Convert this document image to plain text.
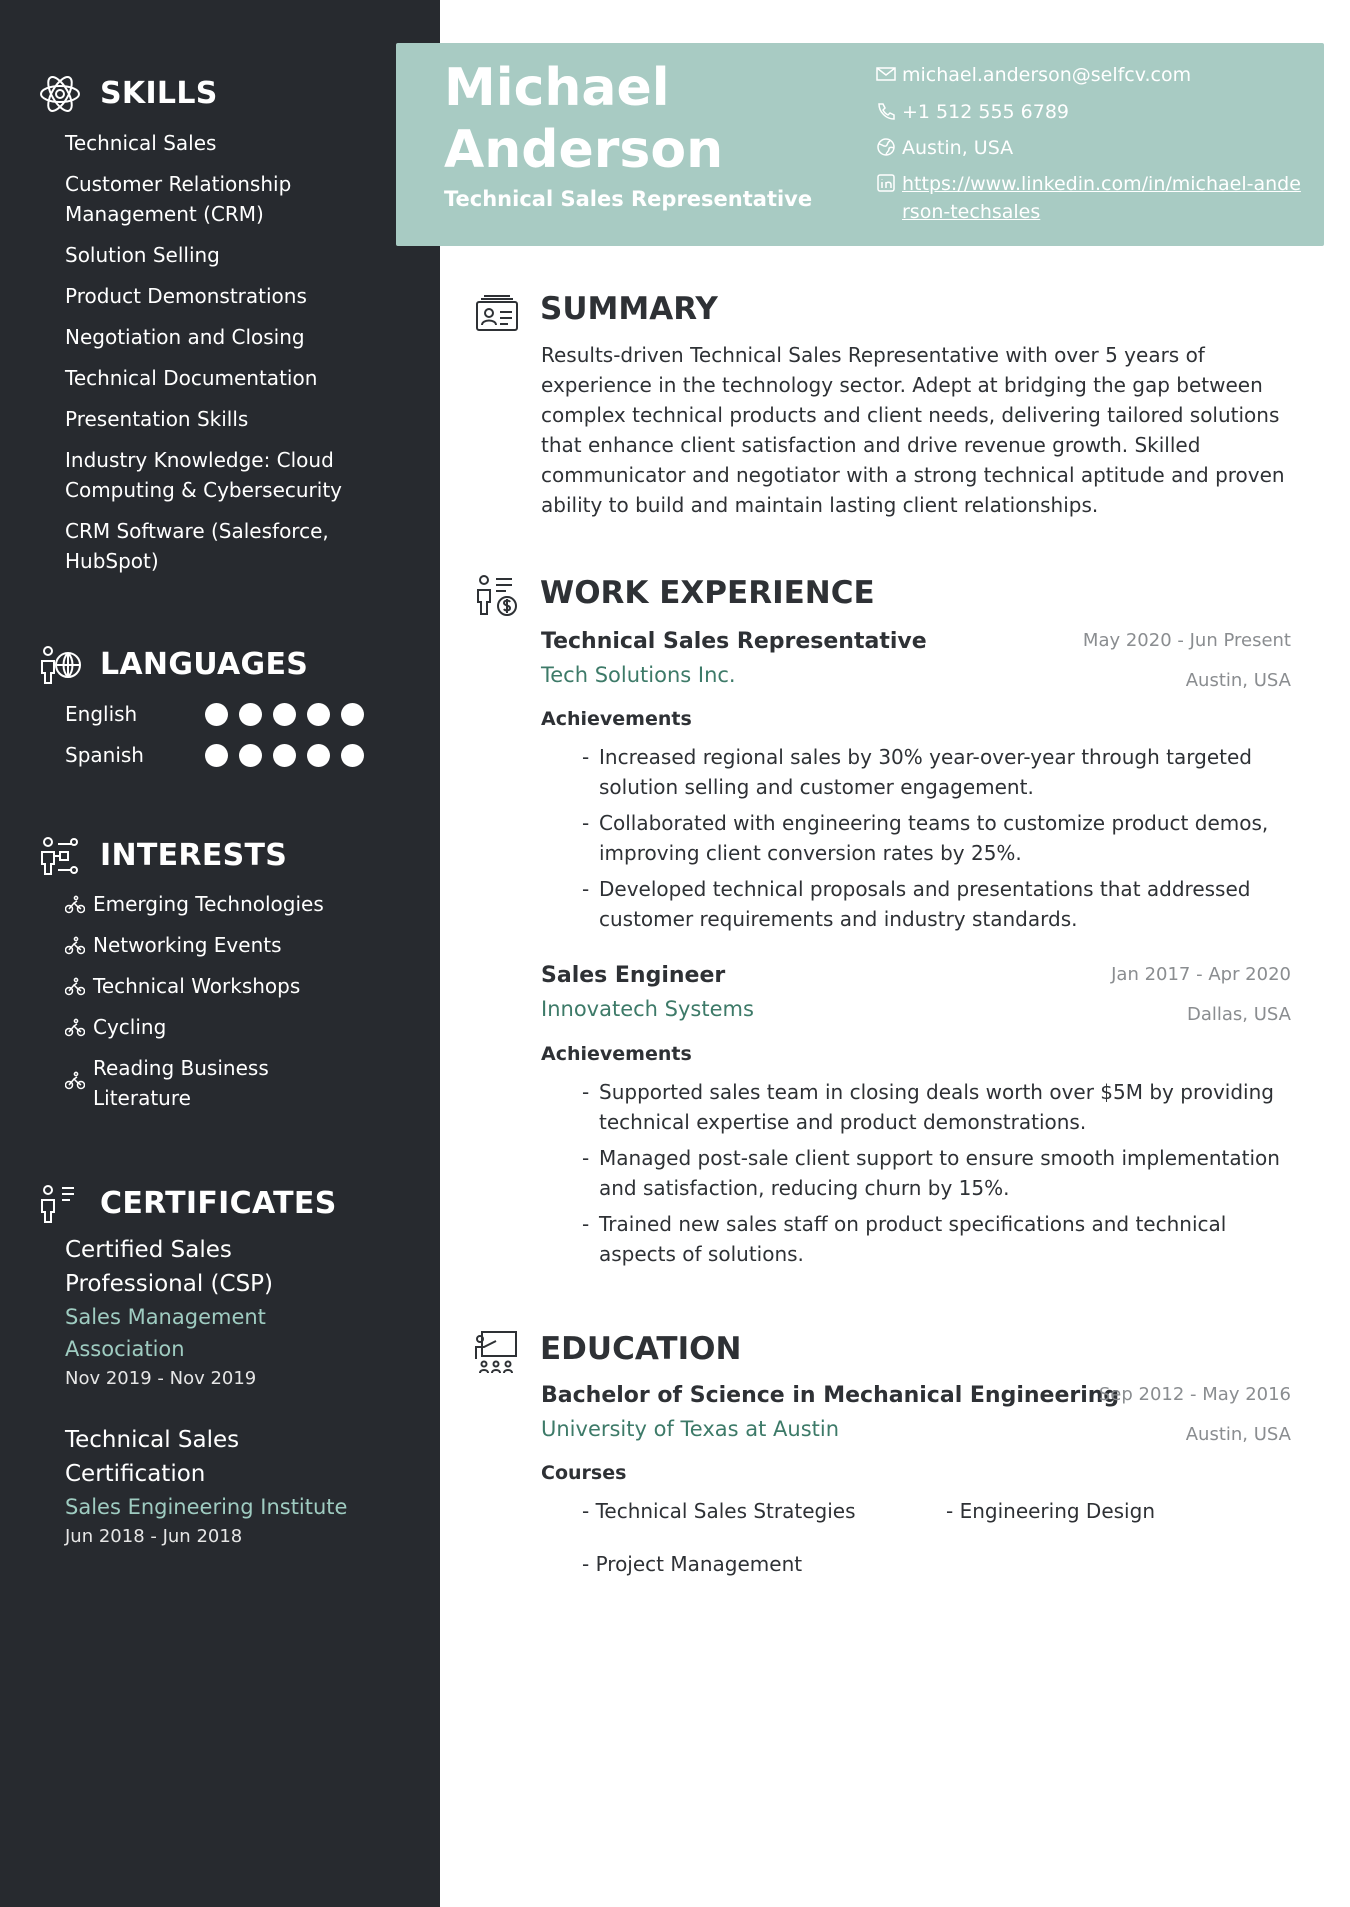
SKILLS
Technical Sales
Customer Relationship Management (CRM)
Solution Selling
Product Demonstrations
Negotiation and Closing
Technical Documentation
Presentation Skills
Industry Knowledge: Cloud Computing & Cybersecurity
CRM Software (Salesforce, HubSpot)
LANGUAGES
English
Spanish
INTERESTS
Emerging Technologies
Networking Events
Technical Workshops
Cycling
Reading Business Literature
CERTIFICATES
Certified Sales Professional (CSP)
Sales Management Association
Nov 2019 - Nov 2019
Technical Sales Certification
Sales Engineering Institute
Jun 2018 - Jun 2018
Michael Anderson
Technical Sales Representative
michael.anderson@selfcv.com
+1 512 555 6789
Austin, USA
https://www.linkedin.com/in/michael-anderson-techsales
SUMMARY

Results-driven Technical Sales Representative with over 5 years of experience in the technology sector. Adept at bridging the gap between complex technical products and client needs, delivering tailored solutions that enhance client satisfaction and drive revenue growth. Skilled communicator and negotiator with a strong technical aptitude and proven ability to build and maintain lasting client relationships.

WORK EXPERIENCE
Technical Sales Representative	May 2020 - Jun Present
Tech Solutions Inc.	Austin, USA
Achievements
- Increased regional sales by 30% year-over-year through targeted solution selling and customer engagement.
- Collaborated with engineering teams to customize product demos, improving client conversion rates by 25%.
- Developed technical proposals and presentations that addressed customer requirements and industry standards.
Sales Engineer	Jan 2017 - Apr 2020
Innovatech Systems	Dallas, USA
Achievements
- Supported sales team in closing deals worth over $5M by providing technical expertise and product demonstrations.
- Managed post-sale client support to ensure smooth implementation and satisfaction, reducing churn by 15%.
- Trained new sales staff on product specifications and technical aspects of solutions.
EDUCATION
Bachelor of Science in Mechanical Engineering
Sep 2012 - May 2016
University of Texas at Austin	Austin, USA
Courses
- Technical Sales Strategies	- Engineering Design
- Project Management
